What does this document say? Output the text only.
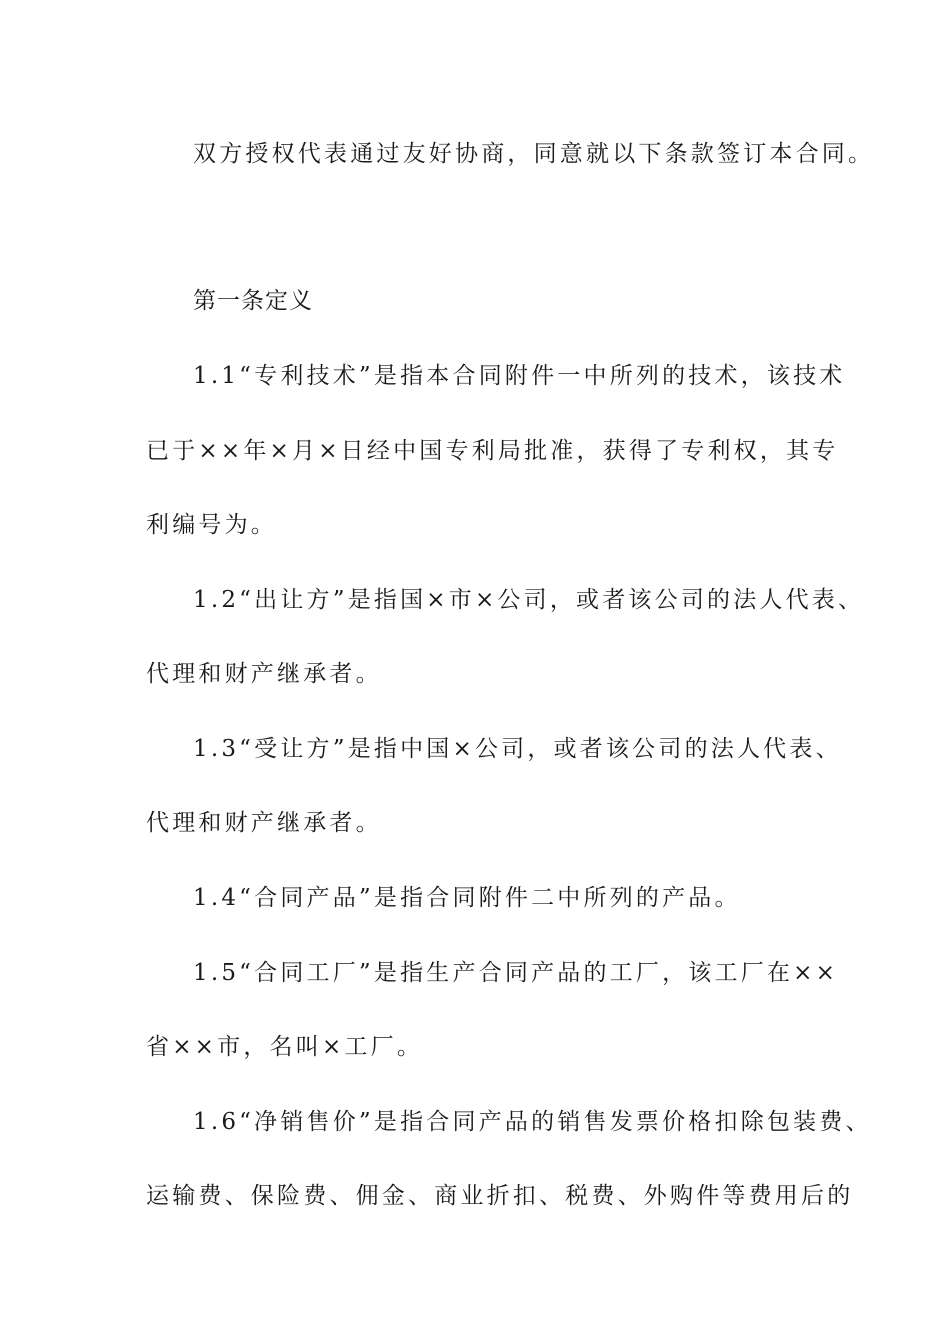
双方授权代表通过友好协商，同意就以下条款签订本合同。
第一条定义
1.1“专利技术”是指本合同附件一中所列的技术，该技术
已于××年×月×日经中国专利局批准，获得了专利权，其专
利编号为。
1.2“出让方”是指国×市×公司，或者该公司的法人代表、
代理和财产继承者。
1.3“受让方”是指中国×公司，或者该公司的法人代表、
代理和财产继承者。
1.4“合同产品”是指合同附件二中所列的产品。
1.5“合同工厂”是指生产合同产品的工厂，该工厂在××
省××市，名叫×工厂。
1.6“净销售价”是指合同产品的销售发票价格扣除包装费、
运输费、保险费、佣金、商业折扣、税费、外购件等费用后的
